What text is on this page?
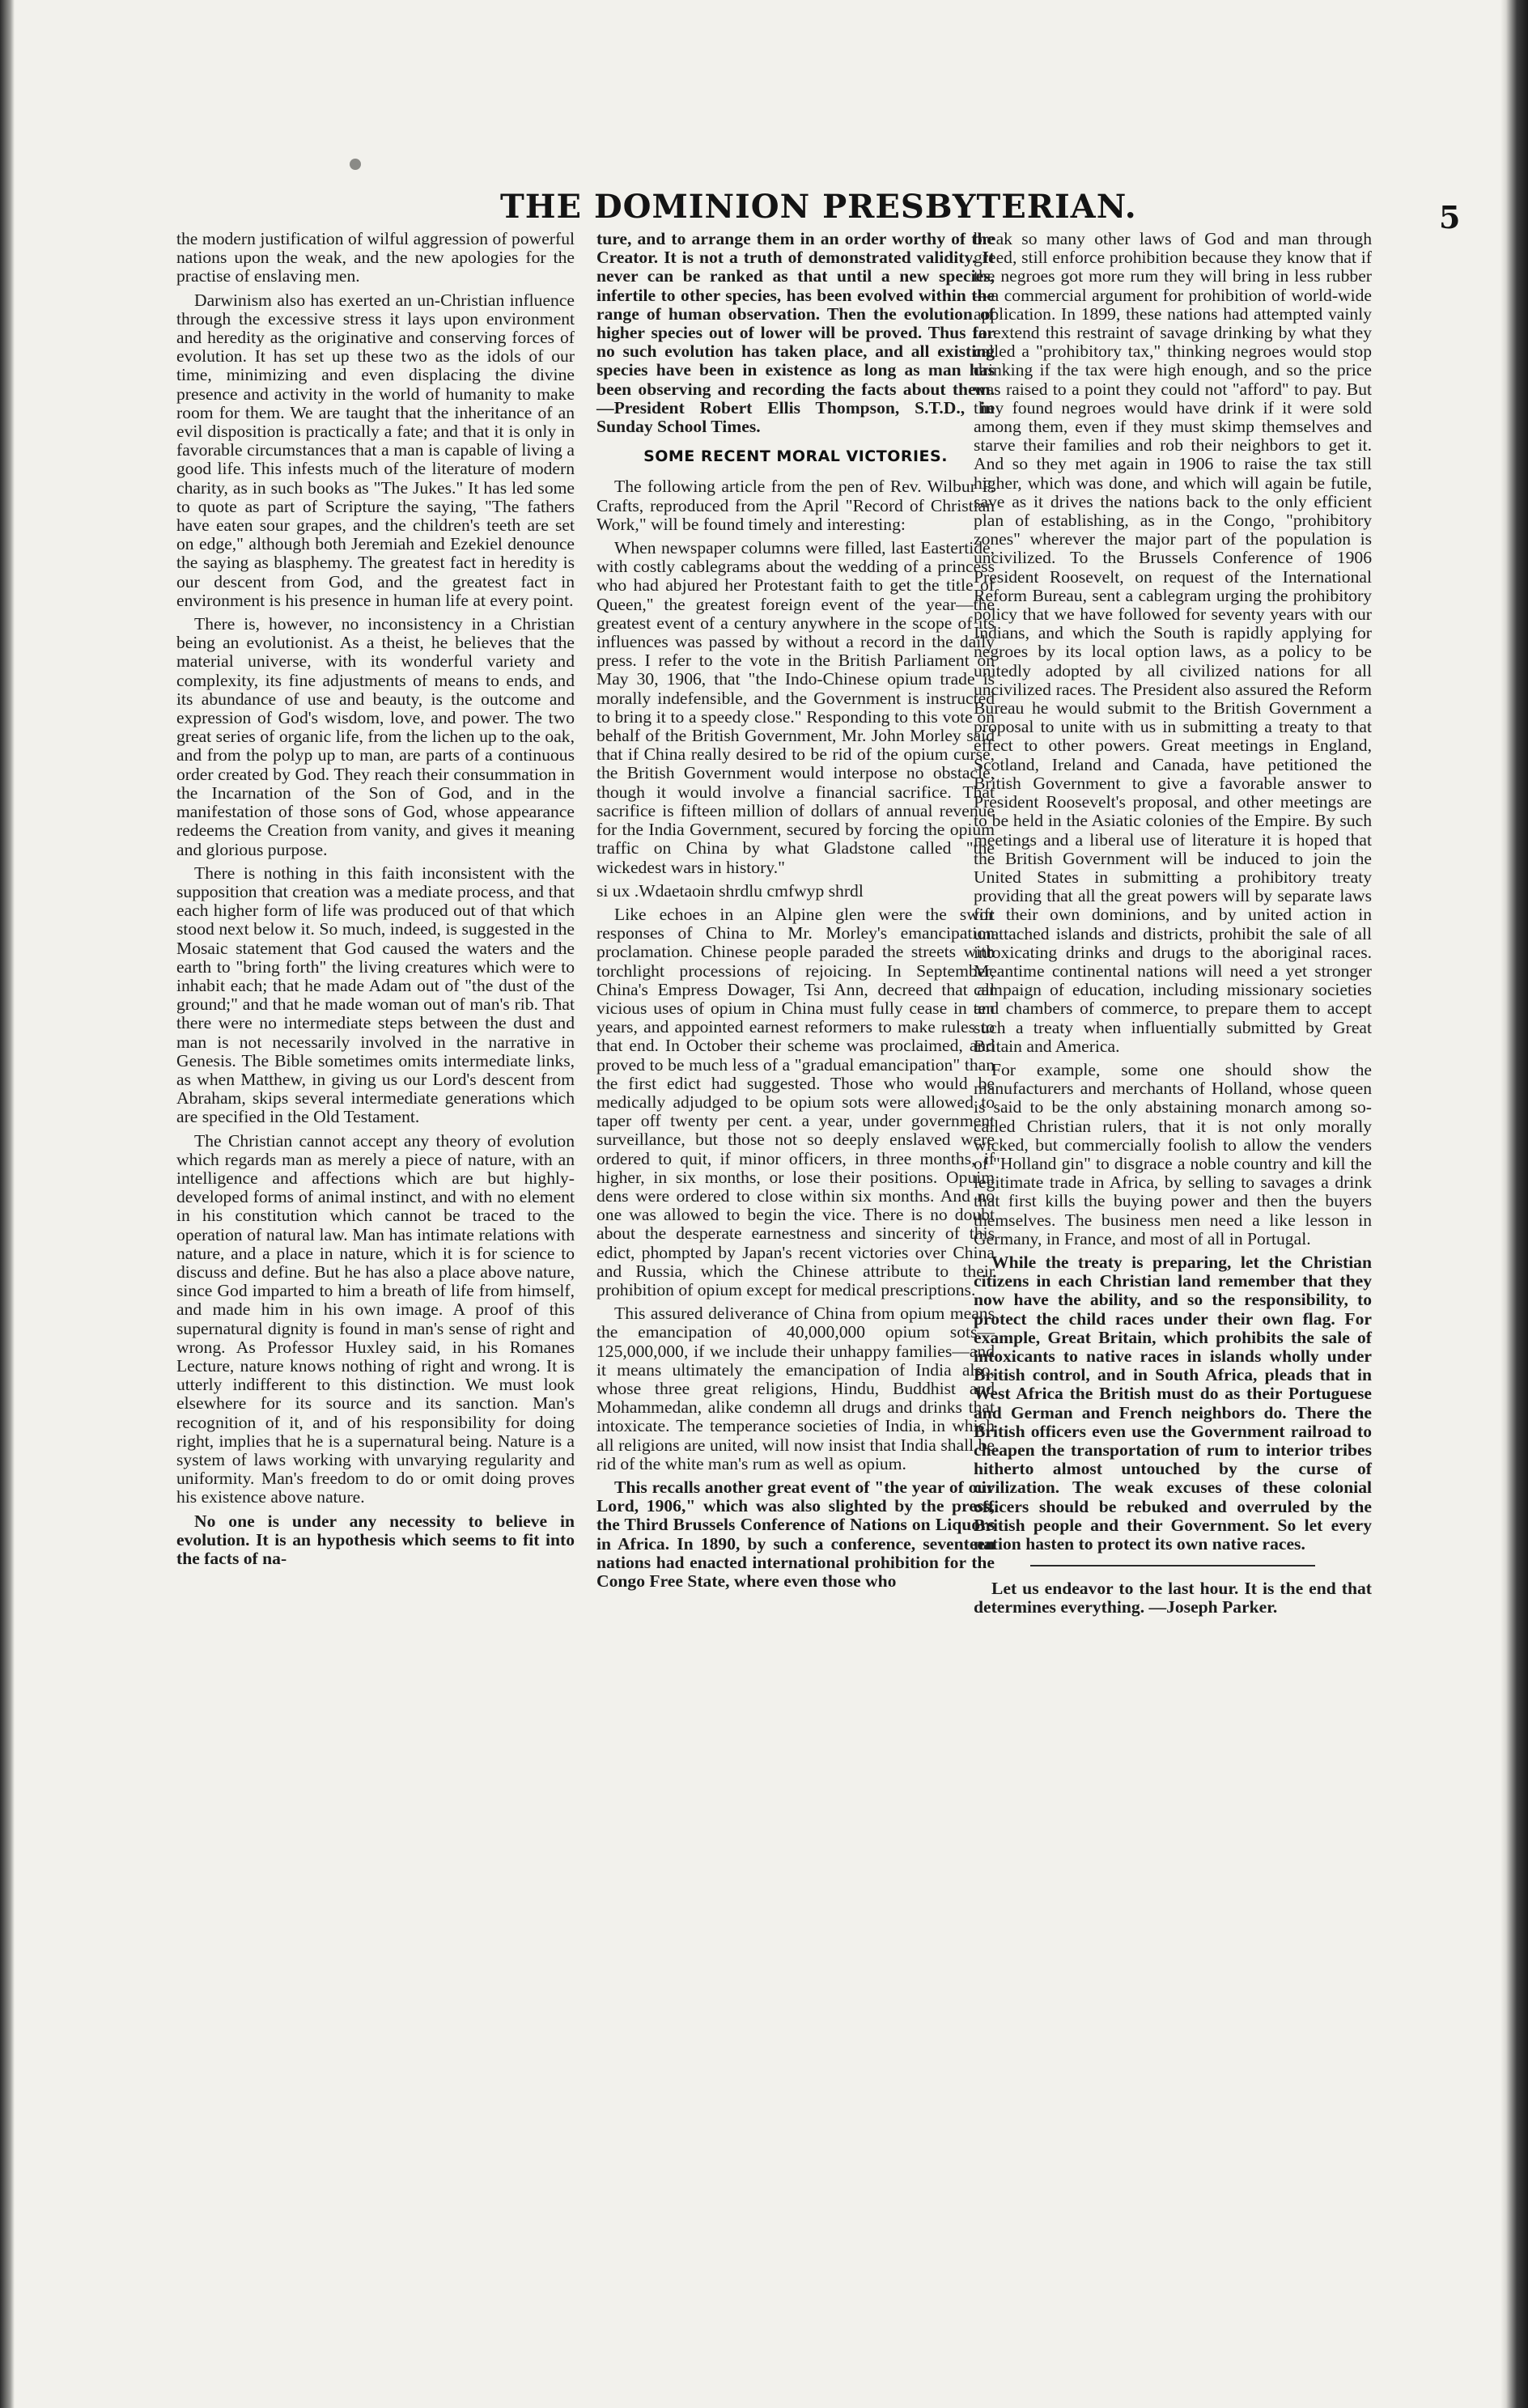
THE DOMINION PRESBYTERIAN.	5

the modern justification of wilful aggression of powerful nations upon the weak, and the new apologies for the practise of enslaving men.

Darwinism also has exerted an un-Christian influence through the excessive stress it lays upon environment and heredity as the originative and conserving forces of evolution. It has set up these two as the idols of our time, minimizing and even displacing the divine presence and activity in the world of humanity to make room for them. We are taught that the inheritance of an evil disposition is practically a fate; and that it is only in favorable circumstances that a man is capable of living a good life. This infests much of the literature of modern charity, as in such books as "The Jukes." It has led some to quote as part of Scripture the saying, "The fathers have eaten sour grapes, and the children's teeth are set on edge," although both Jeremiah and Ezekiel denounce the saying as blasphemy. The greatest fact in heredity is our descent from God, and the greatest fact in environment is his presence in human life at every point.

There is, however, no inconsistency in a Christian being an evolutionist. As a theist, he believes that the material universe, with its wonderful variety and complexity, its fine adjustments of means to ends, and its abundance of use and beauty, is the outcome and expression of God's wisdom, love, and power. The two great series of organic life, from the lichen up to the oak, and from the polyp up to man, are parts of a continuous order created by God. They reach their consummation in the Incarnation of the Son of God, and in the manifestation of those sons of God, whose appearance redeems the Creation from vanity, and gives it meaning and glorious purpose.

There is nothing in this faith inconsistent with the supposition that creation was a mediate process, and that each higher form of life was produced out of that which stood next below it. So much, indeed, is suggested in the Mosaic statement that God caused the waters and the earth to "bring forth" the living creatures which were to inhabit each; that he made Adam out of "the dust of the ground;" and that he made woman out of man's rib. That there were no intermediate steps between the dust and man is not necessarily involved in the narrative in Genesis. The Bible sometimes omits intermediate links, as when Matthew, in giving us our Lord's descent from Abraham, skips several intermediate generations which are specified in the Old Testament.

The Christian cannot accept any theory of evolution which regards man as merely a piece of nature, with an intelligence and affections which are but highly-developed forms of animal instinct, and with no element in his constitution which cannot be traced to the operation of natural law. Man has intimate relations with nature, and a place in nature, which it is for science to discuss and define. But he has also a place above nature, since God imparted to him a breath of life from himself, and made him in his own image. A proof of this supernatural dignity is found in man's sense of right and wrong. As Professor Huxley said, in his Romanes Lecture, nature knows nothing of right and wrong. It is utterly indifferent to this distinction. We must look elsewhere for its source and its sanction. Man's recognition of it, and of his responsibility for doing right, implies that he is a supernatural being. Nature is a system of laws working with unvarying regularity and uniformity. Man's freedom to do or omit doing proves his existence above nature.

No one is under any necessity to believe in evolution. It is an hypothesis which seems to fit into the facts of na-

ture, and to arrange them in an order worthy of the Creator. It is not a truth of demonstrated validity. It never can be ranked as that until a new species, infertile to other species, has been evolved within the range of human observation. Then the evolution of higher species out of lower will be proved. Thus far no such evolution has taken place, and all existing species have been in existence as long as man has been observing and recording the facts about them.—President Robert Ellis Thompson, S.T.D., in Sunday School Times.

SOME RECENT MORAL VICTORIES.

The following article from the pen of Rev. Wilbur F. Crafts, reproduced from the April "Record of Christian Work," will be found timely and interesting:

When newspaper columns were filled, last Eastertide, with costly cablegrams about the wedding of a princess who had abjured her Protestant faith to get the title of Queen," the greatest foreign event of the year—the greatest event of a century anywhere in the scope of its influences was passed by without a record in the daily press. I refer to the vote in the British Parliament on May 30, 1906, that "the Indo-Chinese opium trade is morally indefensible, and the Government is instructed to bring it to a speedy close." Responding to this vote on behalf of the British Government, Mr. John Morley said that if China really desired to be rid of the opium curse, the British Government would interpose no obstacle, though it would involve a financial sacrifice. That sacrifice is fifteen million of dollars of annual revenue for the India Government, secured by forcing the opium traffic on China by what Gladstone called "the wickedest wars in history."

si ux .Wdaetaoin shrdlu cmfwyp shrdl

Like echoes in an Alpine glen were the swift responses of China to Mr. Morley's emancipation proclamation. Chinese people paraded the streets with torchlight processions of rejoicing. In September, China's Empress Dowager, Tsi Ann, decreed that all vicious uses of opium in China must fully cease in ten years, and appointed earnest reformers to make rules to that end. In October their scheme was proclaimed, and proved to be much less of a "gradual emancipation" than the first edict had suggested. Those who would be medically adjudged to be opium sots were allowed to taper off twenty per cent. a year, under government surveillance, but those not so deeply enslaved were ordered to quit, if minor officers, in three months, if higher, in six months, or lose their positions. Opuim dens were ordered to close within six months. And no one was allowed to begin the vice. There is no doubt about the desperate earnestness and sincerity of this edict, phompted by Japan's recent victories over China and Russia, which the Chinese attribute to their prohibition of opium except for medical prescriptions.

This assured deliverance of China from opium means the emancipation of 40,000,000 opium sots—125,000,000, if we include their unhappy families—and it means ultimately the emancipation of India also, whose three great religions, Hindu, Buddhist and Mohammedan, alike condemn all drugs and drinks that intoxicate. The temperance societies of India, in which all religions are united, will now insist that India shall be rid of the white man's rum as well as opium.

This recalls another great event of "the year of our Lord, 1906," which was also slighted by the press, the Third Brussels Conference of Nations on Liquors in Africa. In 1890, by such a conference, seventeen nations had enacted international prohibition for the Congo Free State, where even those who

break so many other laws of God and man through greed, still enforce prohibition because they know that if the negroes got more rum they will bring in less rubber—a commercial argument for prohibition of world-wide application. In 1899, these nations had attempted vainly to extend this restraint of savage drinking by what they called a "prohibitory tax," thinking negroes would stop drinking if the tax were high enough, and so the price was raised to a point they could not "afford" to pay. But they found negroes would have drink if it were sold among them, even if they must skimp themselves and starve their families and rob their neighbors to get it. And so they met again in 1906 to raise the tax still higher, which was done, and which will again be futile, save as it drives the nations back to the only efficient plan of establishing, as in the Congo, "prohibitory zones" wherever the major part of the population is uncivilized. To the Brussels Conference of 1906 President Roosevelt, on request of the International Reform Bureau, sent a cablegram urging the prohibitory policy that we have followed for seventy years with our Indians, and which the South is rapidly applying for negroes by its local option laws, as a policy to be unitedly adopted by all civilized nations for all uncivilized races. The President also assured the Reform Bureau he would submit to the British Government a proposal to unite with us in submitting a treaty to that effect to other powers. Great meetings in England, Scotland, Ireland and Canada, have petitioned the British Government to give a favorable answer to President Roosevelt's proposal, and other meetings are to be held in the Asiatic colonies of the Empire. By such meetings and a liberal use of literature it is hoped that the British Government will be induced to join the United States in submitting a prohibitory treaty providing that all the great powers will by separate laws for their own dominions, and by united action in unattached islands and districts, prohibit the sale of all intoxicating drinks and drugs to the aboriginal races. Meantime continental nations will need a yet stronger campaign of education, including missionary societies and chambers of commerce, to prepare them to accept such a treaty when influentially submitted by Great Britain and America.

For example, some one should show the manufacturers and merchants of Holland, whose queen is said to be the only abstaining monarch among so-called Christian rulers, that it is not only morally wicked, but commercially foolish to allow the venders of "Holland gin" to disgrace a noble country and kill the legitimate trade in Africa, by selling to savages a drink that first kills the buying power and then the buyers themselves. The business men need a like lesson in Germany, in France, and most of all in Portugal.

While the treaty is preparing, let the Christian citizens in each Christian land remember that they now have the ability, and so the responsibility, to protect the child races under their own flag. For example, Great Britain, which prohibits the sale of intoxicants to native races in islands wholly under British control, and in South Africa, pleads that in West Africa the British must do as their Portuguese and German and French neighbors do. There the British officers even use the Government railroad to cheapen the transportation of rum to interior tribes hitherto almost untouched by the curse of civilization. The weak excuses of these colonial officers should be rebuked and overruled by the British people and their Government. So let every nation hasten to protect its own native races.

Let us endeavor to the last hour. It is the end that determines everything. —Joseph Parker.
